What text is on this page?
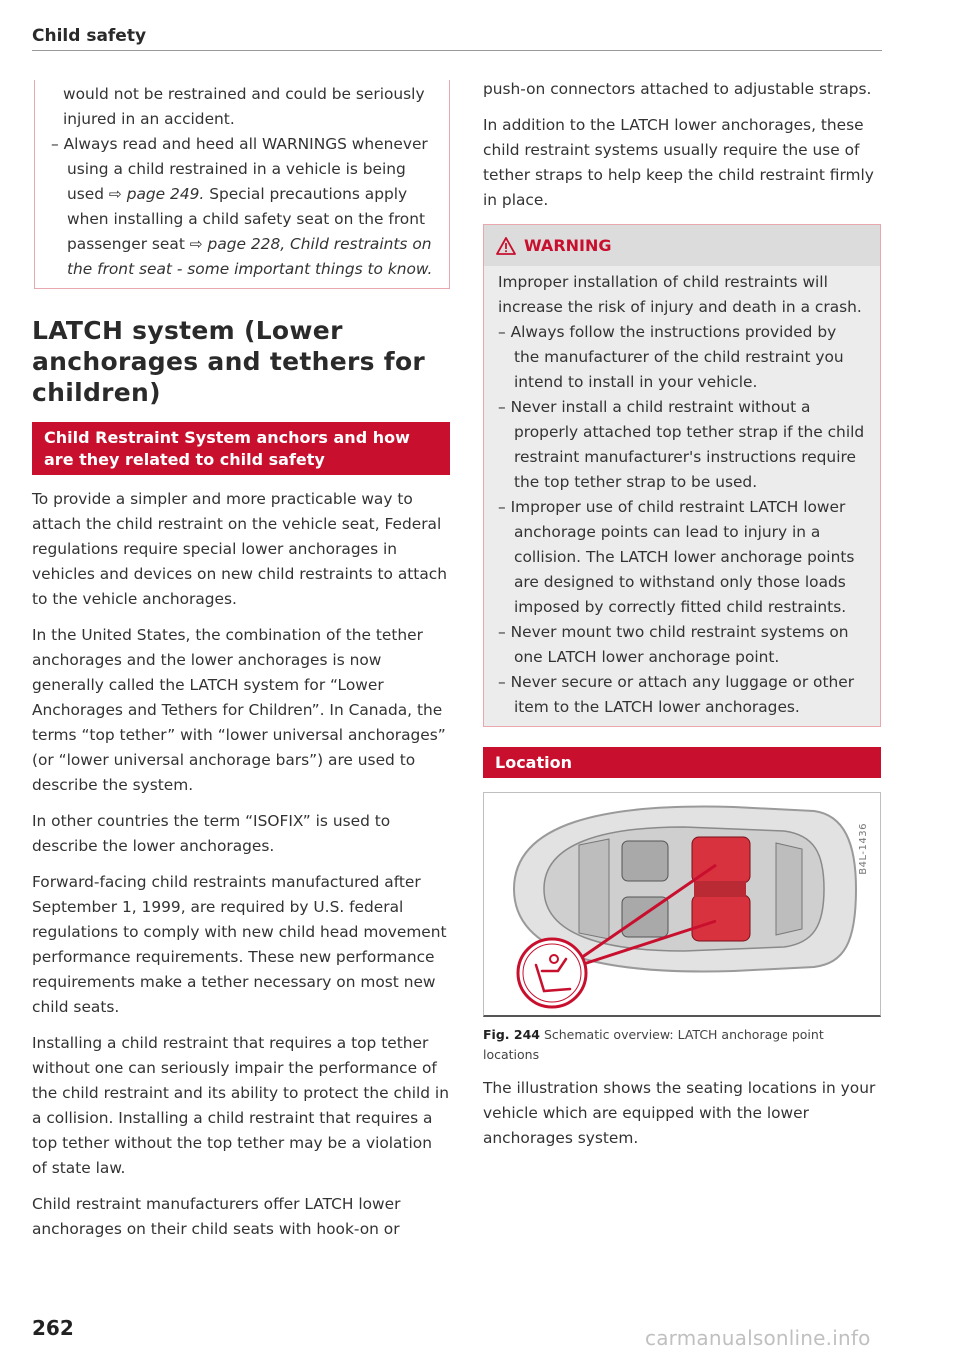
Child safety

would not be restrained and could be seriously injured in an accident.

– Always read and heed all WARNINGS whenever using a child restrained in a vehicle is being used ⇨ page 249. Special precautions apply when installing a child safety seat on the front passenger seat ⇨ page 228, Child restraints on the front seat - some important things to know.

LATCH system (Lower anchorages and tethers for children)
Child Restraint System anchors and how are they related to child safety

To provide a simpler and more practicable way to attach the child restraint on the vehicle seat, Federal regulations require special lower anchorages in vehicles and devices on new child restraints to attach to the vehicle anchorages.

In the United States, the combination of the tether anchorages and the lower anchorages is now generally called the LATCH system for “Lower Anchorages and Tethers for Children”. In Canada, the terms “top tether” with “lower universal anchorages” (or “lower universal anchorage bars”) are used to describe the system.

In other countries the term “ISOFIX” is used to describe the lower anchorages.

Forward-facing child restraints manufactured after September 1, 1999, are required by U.S. federal regulations to comply with new child head movement performance requirements. These new performance requirements make a tether necessary on most new child seats.

Installing a child restraint that requires a top tether without one can seriously impair the performance of the child restraint and its ability to protect the child in a collision. Installing a child restraint that requires a top tether without the top tether may be a violation of state law.

Child restraint manufacturers offer LATCH lower anchorages on their child seats with hook-on or

push-on connectors attached to adjustable straps.

In addition to the LATCH lower anchorages, these child restraint systems usually require the use of tether straps to help keep the child restraint firmly in place.

WARNING

Improper installation of child restraints will increase the risk of injury and death in a crash.

– Always follow the instructions provided by the manufacturer of the child restraint you intend to install in your vehicle.

– Never install a child restraint without a properly attached top tether strap if the child restraint manufacturer's instructions require the top tether strap to be used.

– Improper use of child restraint LATCH lower anchorage points can lead to injury in a collision. The LATCH lower anchorage points are designed to withstand only those loads imposed by correctly fitted child restraints.

– Never mount two child restraint systems on one LATCH lower anchorage point.

– Never secure or attach any luggage or other item to the LATCH lower anchorages.

Location
B4L-1436

Fig. 244 Schematic overview: LATCH anchorage point locations

The illustration shows the seating locations in your vehicle which are equipped with the lower anchorages system.

262	carmanualsonline.info
